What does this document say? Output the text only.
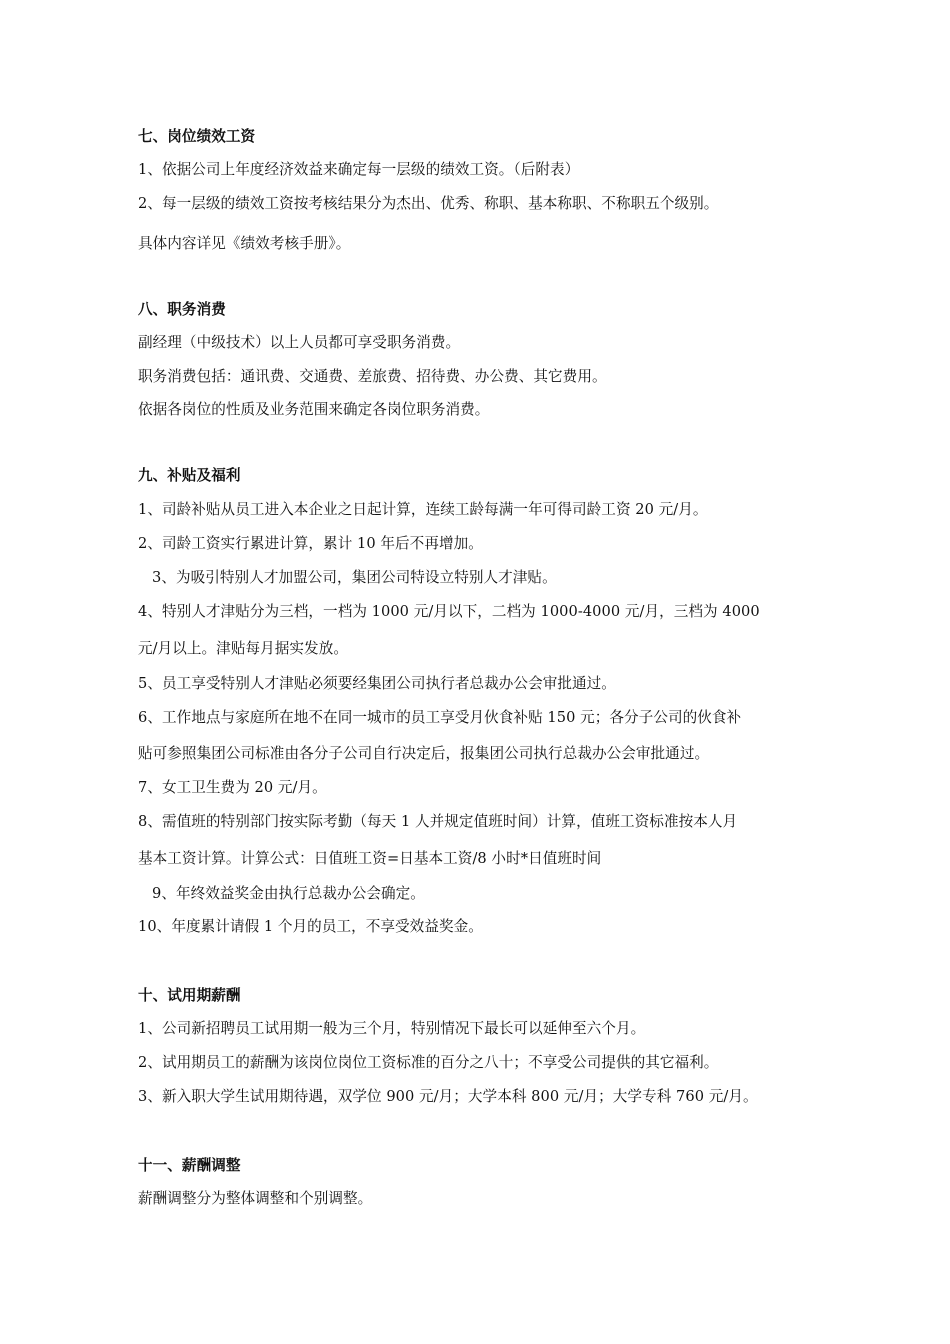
七、岗位绩效工资
1、依据公司上年度经济效益来确定每一层级的绩效工资。（后附表）
2、每一层级的绩效工资按考核结果分为杰出、优秀、称职、基本称职、不称职五个级别。
具体内容详见《绩效考核手册》。
八、职务消费
副经理（中级技术）以上人员都可享受职务消费。
职务消费包括：通讯费、交通费、差旅费、招待费、办公费、其它费用。
依据各岗位的性质及业务范围来确定各岗位职务消费。
九、补贴及福利
1、司龄补贴从员工进入本企业之日起计算，连续工龄每满一年可得司龄工资 20 元/月。
2、司龄工资实行累进计算，累计 10 年后不再增加。
3、为吸引特别人才加盟公司，集团公司特设立特别人才津贴。
4、特别人才津贴分为三档，一档为 1000 元/月以下，二档为 1000-4000 元/月，三档为 4000
元/月以上。津贴每月据实发放。
5、员工享受特别人才津贴必须要经集团公司执行者总裁办公会审批通过。
6、工作地点与家庭所在地不在同一城市的员工享受月伙食补贴 150 元；各分子公司的伙食补
贴可参照集团公司标准由各分子公司自行决定后，报集团公司执行总裁办公会审批通过。
7、女工卫生费为 20 元/月。
8、需值班的特别部门按实际考勤（每天 1 人并规定值班时间）计算，值班工资标准按本人月
基本工资计算。计算公式：日值班工资=日基本工资/8 小时*日值班时间
9、年终效益奖金由执行总裁办公会确定。
10、年度累计请假 1 个月的员工，不享受效益奖金。
十、试用期薪酬
1、公司新招聘员工试用期一般为三个月，特别情况下最长可以延伸至六个月。
2、试用期员工的薪酬为该岗位岗位工资标准的百分之八十；不享受公司提供的其它福利。
3、新入职大学生试用期待遇，双学位 900 元/月；大学本科 800 元/月；大学专科 760 元/月。
十一、薪酬调整
薪酬调整分为整体调整和个别调整。
